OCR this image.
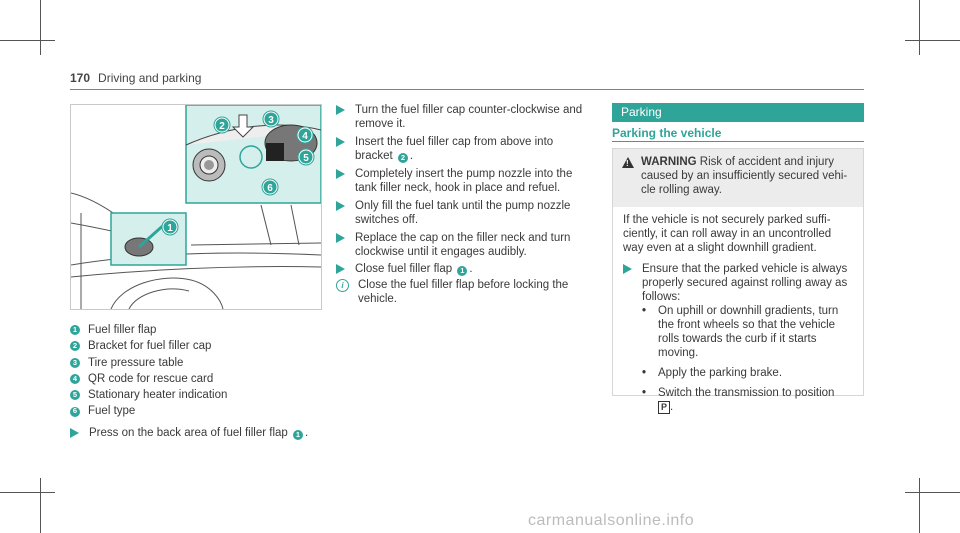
170 Driving and parking
2
3
4
5
6
1
1 Fuel filler flap
2 Bracket for fuel filler cap
3 Tire pressure table
4 QR code for rescue card
5 Stationary heater indication
6 Fuel type
Press on the back area of fuel filler flap 1 .
Turn the fuel filler cap counter-clockwise and
remove it.
Insert the fuel filler cap from above into
bracket 2 .
Completely insert the pump nozzle into the
tank filler neck, hook in place and refuel.
Only fill the fuel tank until the pump nozzle
switches off.
Replace the cap on the filler neck and turn
clockwise until it engages audibly.
Close fuel filler flap 1 .
i	Close the fuel filler flap before locking the
vehicle.
Parking
Parking the vehicle
! WARNING Risk of accident and injury
caused by an insufficiently secured vehi-
cle rolling away.
If the vehicle is not securely parked suffi-
ciently, it can roll away in an uncontrolled
way even at a slight downhill gradient.
Ensure that the parked vehicle is always
properly secured against rolling away as
follows:
•	On uphill or downhill gradients, turn
the front wheels so that the vehicle
rolls towards the curb if it starts
moving.
•	Apply the parking brake.
•	Switch the transmission to position
P .
carmanualsonline.info
